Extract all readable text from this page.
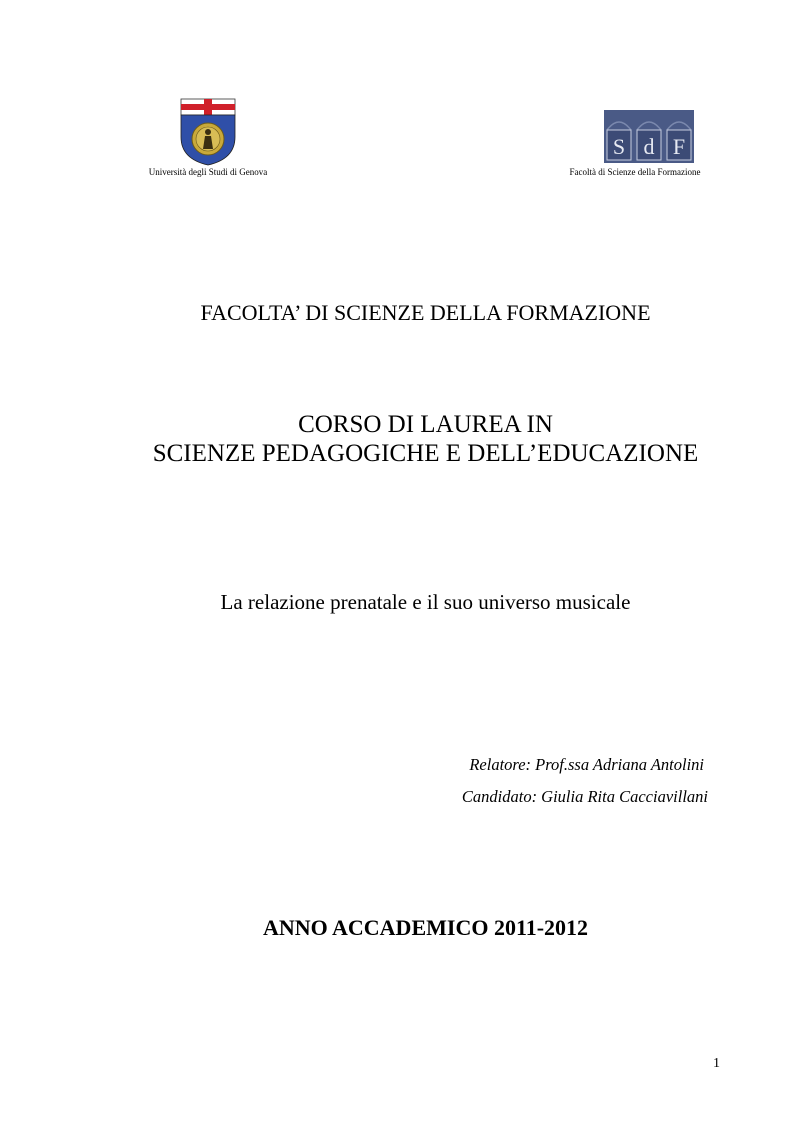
Università degli Studi di Genova
S d F
Facoltà di Scienze della Formazione
FACOLTA’ DI SCIENZE DELLA FORMAZIONE
CORSO DI LAUREA IN
SCIENZE PEDAGOGICHE E DELL’EDUCAZIONE
La relazione prenatale e il suo universo musicale
Relatore: Prof.ssa Adriana Antolini
Candidato: Giulia Rita Cacciavillani
ANNO ACCADEMICO 2011-2012
1
